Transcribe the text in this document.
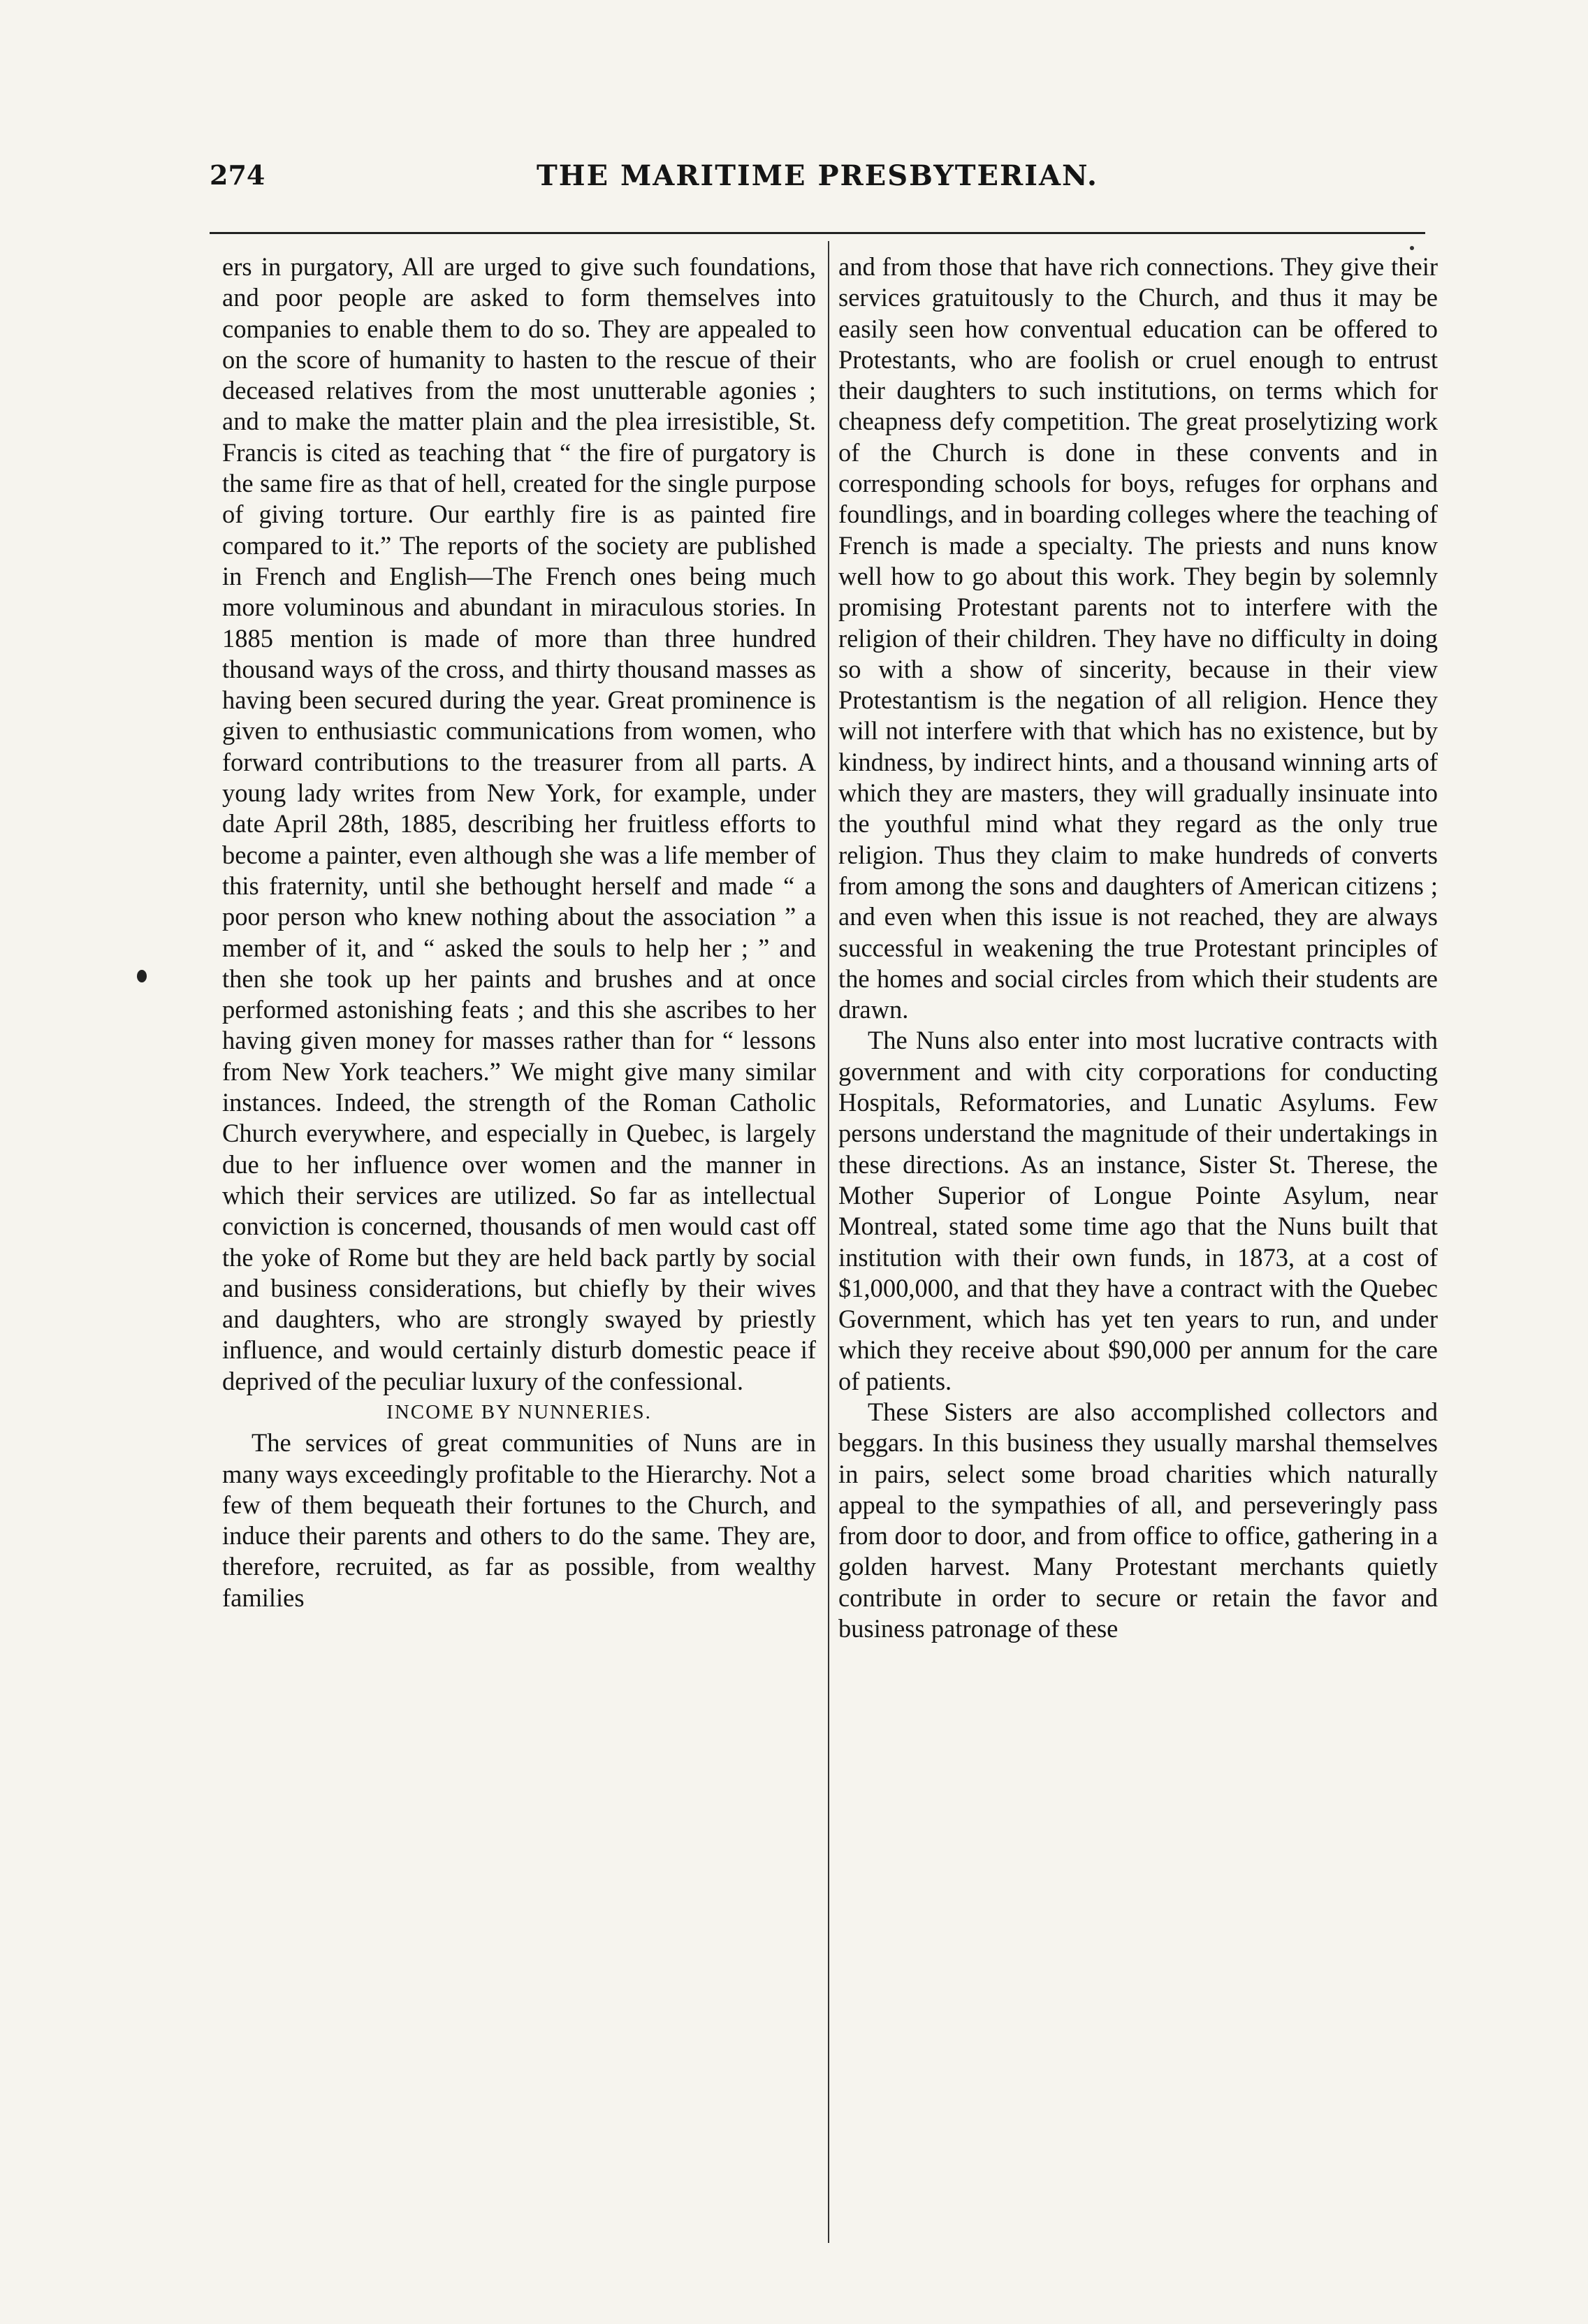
274	THE MARITIME PRESBYTERIAN.

ers in purgatory, All are urged to give such foundations, and poor people are asked to form themselves into companies to enable them to do so. They are appealed to on the score of humanity to hasten to the rescue of their deceased relatives from the most unutterable agonies ; and to make the matter plain and the plea irresistible, St. Francis is cited as teaching that “ the fire of purgatory is the same fire as that of hell, created for the single purpose of giving torture. Our earthly fire is as painted fire compared to it.” The reports of the society are published in French and English—The French ones being much more voluminous and abundant in miraculous stories. In 1885 mention is made of more than three hundred thousand ways of the cross, and thirty thousand masses as having been secured during the year. Great prominence is given to enthusiastic communications from women, who forward contributions to the treasurer from all parts. A young lady writes from New York, for example, under date April 28th, 1885, describing her fruitless efforts to become a painter, even although she was a life member of this fraternity, until she bethought herself and made “ a poor person who knew nothing about the association ” a member of it, and “ asked the souls to help her ; ” and then she took up her paints and brushes and at once performed astonishing feats ; and this she ascribes to her having given money for masses rather than for “ lessons from New York teachers.” We might give many similar instances. Indeed, the strength of the Roman Catholic Church everywhere, and especially in Quebec, is largely due to her influence over women and the manner in which their services are utilized. So far as intellectual conviction is concerned, thousands of men would cast off the yoke of Rome but they are held back partly by social and business considerations, but chiefly by their wives and daughters, who are strongly swayed by priestly influence, and would certainly disturb domestic peace if deprived of the peculiar luxury of the confessional.

INCOME BY NUNNERIES.

The services of great communities of Nuns are in many ways exceedingly profitable to the Hierarchy. Not a few of them bequeath their fortunes to the Church, and induce their parents and others to do the same. They are, therefore, recruited, as far as possible, from wealthy families

and from those that have rich connections. They give their services gratuitously to the Church, and thus it may be easily seen how conventual education can be offered to Protestants, who are foolish or cruel enough to entrust their daughters to such institutions, on terms which for cheapness defy competition. The great proselytizing work of the Church is done in these convents and in corresponding schools for boys, refuges for orphans and foundlings, and in boarding colleges where the teaching of French is made a specialty. The priests and nuns know well how to go about this work. They begin by solemnly promising Protestant parents not to interfere with the religion of their children. They have no difficulty in doing so with a show of sincerity, because in their view Protestantism is the negation of all religion. Hence they will not interfere with that which has no existence, but by kindness, by indirect hints, and a thousand winning arts of which they are masters, they will gradually insinuate into the youthful mind what they regard as the only true religion. Thus they claim to make hundreds of converts from among the sons and daughters of American citizens ; and even when this issue is not reached, they are always successful in weakening the true Protestant principles of the homes and social circles from which their students are drawn.

The Nuns also enter into most lucrative contracts with government and with city corporations for conducting Hospitals, Reformatories, and Lunatic Asylums. Few persons understand the magnitude of their undertakings in these directions. As an instance, Sister St. Therese, the Mother Superior of Longue Pointe Asylum, near Montreal, stated some time ago that the Nuns built that institution with their own funds, in 1873, at a cost of $1,000,000, and that they have a contract with the Quebec Government, which has yet ten years to run, and under which they receive about $90,000 per annum for the care of patients.

These Sisters are also accomplished collectors and beggars. In this business they usually marshal themselves in pairs, select some broad charities which naturally appeal to the sympathies of all, and perseveringly pass from door to door, and from office to office, gathering in a golden harvest. Many Protestant merchants quietly contribute in order to secure or retain the favor and business patronage of these
